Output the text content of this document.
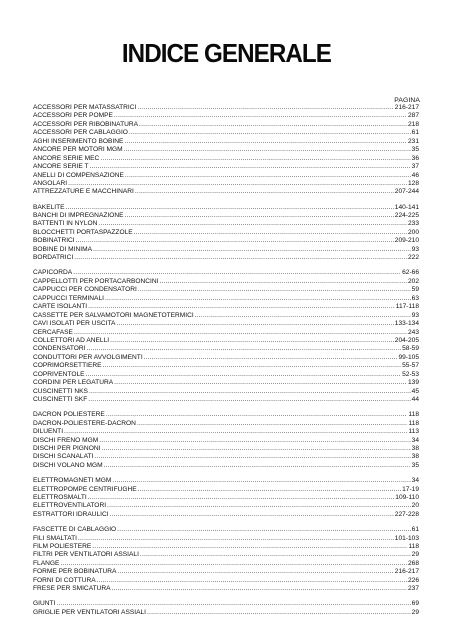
INDICE GENERALE
PAGINA
ACCESSORI PER MATASSATRICI .....	216-217
ACCESSORI PER POMPE .....	287
ACCESSORI PER RIBOBINATURA .....	218
ACCESSORI PER CABLAGGIO .....	61
AGHI INSERIMENTO BOBINE .....	231
ANCORE PER MOTORI MGM .....	35
ANCORE SERIE MEC .....	36
ANCORE SERIE T .....	37
ANELLI DI COMPENSAZIONE .....	46
ANGOLARI .....	128
ATTREZZATURE E MACCHINARI .....	207-244
BAKELITE .....	140-141
BANCHI DI IMPREGNAZIONE .....	224-225
BATTENTI IN NYLON .....	233
BLOCCHETTI PORTASPAZZOLE .....	200
BOBINATRICI .....	209-210
BOBINE DI MINIMA .....	93
BORDATRICI .....	222
CAPICORDA .....	62-66
CAPPELLOTTI PER PORTACARBONCINI .....	202
CAPPUCCI PER CONDENSATORI .....	59
CAPPUCCI TERMINALI .....	63
CARTE ISOLANTI .....	117-118
CASSETTE PER SALVAMOTORI MAGNETOTERMICI .....	93
CAVI ISOLATI PER USCITA .....	133-134
CERCAFASE .....	243
COLLETTORI AD ANELLI .....	204-205
CONDENSATORI .....	58-59
CONDUTTORI PER AVVOLGIMENTI .....	99-105
COPRIMORSETTIERE .....	55-57
COPRIVENTOLE .....	52-53
CORDINI PER LEGATURA .....	139
CUSCINETTI NKS .....	45
CUSCINETTI SKF .....	44
DACRON POLIESTERE .....	118
DACRON-POLIESTERE-DACRON .....	118
DILUENTI .....	113
DISCHI FRENO MGM .....	34
DISCHI PER PIGNONI .....	38
DISCHI SCANALATI .....	38
DISCHI VOLANO MGM .....	35
ELETTROMAGNETI MGM .....	34
ELETTROPOMPE CENTRIFUGHE .....	17-19
ELETTROSMALTI .....	109-110
ELETTROVENTILATORI .....	20
ESTRATTORI IDRAULICI .....	227-228
FASCETTE DI CABLAGGIO .....	61
FILI SMALTATI .....	101-103
FILM POLIESTERE .....	118
FILTRI PER VENTILATORI ASSIALI .....	29
FLANGE .....	268
FORME PER BOBINATURA .....	216-217
FORNI DI COTTURA .....	226
FRESE PER SMICATURA .....	237
GIUNTI .....	69
GRIGLIE PER VENTILATORI ASSIALI .....	29
